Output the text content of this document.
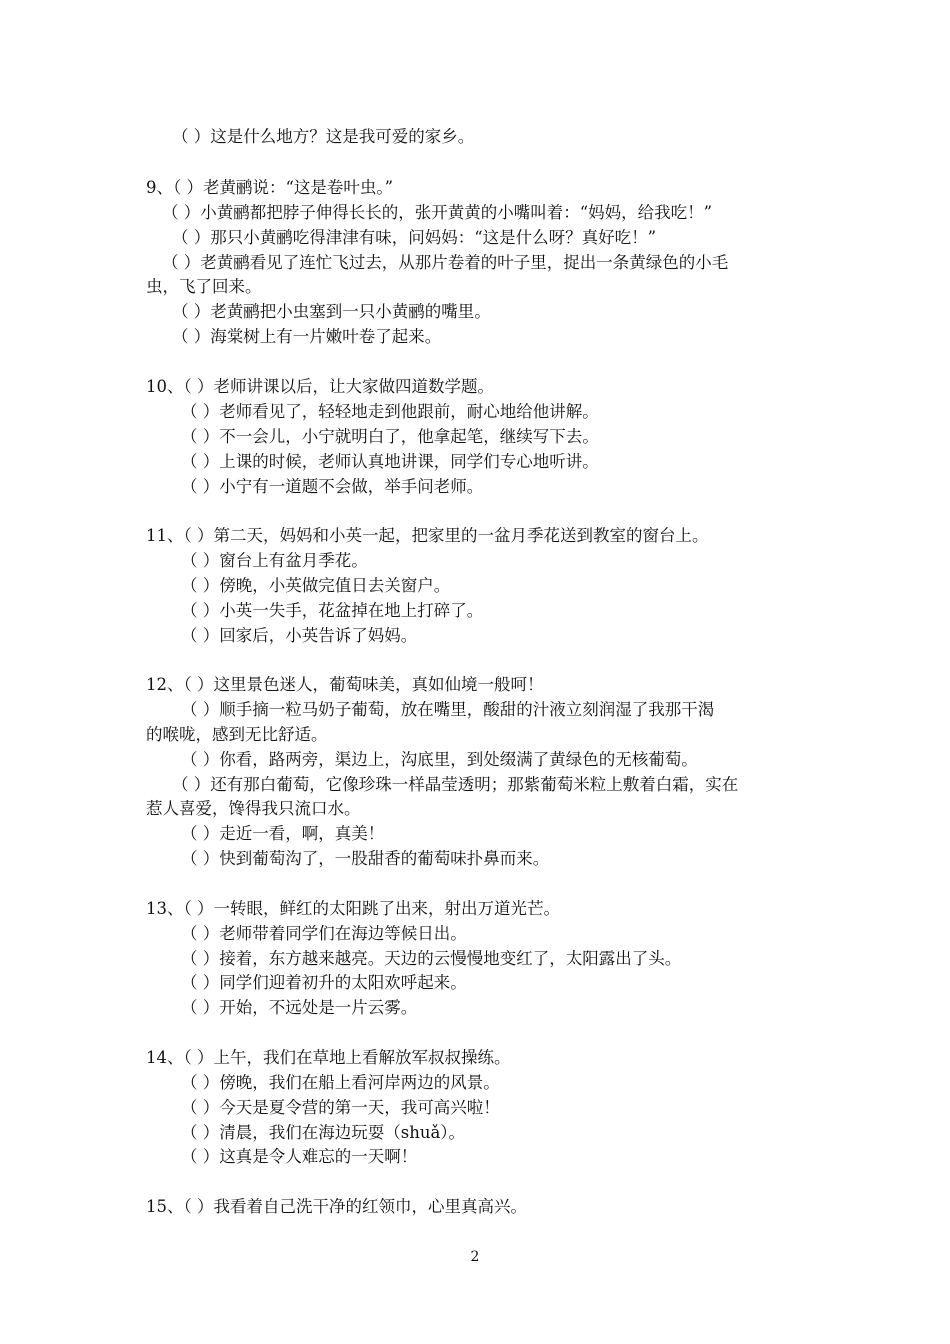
（ ）这是什么地方？这是我可爱的家乡。
9、（ ）老黄鹂说：“这是卷叶虫。”
（ ）小黄鹂都把脖子伸得长长的，张开黄黄的小嘴叫着：“妈妈，给我吃！”
（ ）那只小黄鹂吃得津津有味，问妈妈：“这是什么呀？真好吃！”
（ ）老黄鹂看见了连忙飞过去，从那片卷着的叶子里，捉出一条黄绿色的小毛
虫，飞了回来。
（ ）老黄鹂把小虫塞到一只小黄鹂的嘴里。
（ ）海棠树上有一片嫩叶卷了起来。
10、（ ）老师讲课以后，让大家做四道数学题。
（ ）老师看见了，轻轻地走到他跟前，耐心地给他讲解。
（ ）不一会儿，小宁就明白了，他拿起笔，继续写下去。
（ ）上课的时候，老师认真地讲课，同学们专心地听讲。
（ ）小宁有一道题不会做，举手问老师。
11、（ ）第二天，妈妈和小英一起，把家里的一盆月季花送到教室的窗台上。
（ ）窗台上有盆月季花。
（ ）傍晚，小英做完值日去关窗户。
（ ）小英一失手，花盆掉在地上打碎了。
（ ）回家后，小英告诉了妈妈。
12、（ ）这里景色迷人，葡萄味美，真如仙境一般呵！
（ ）顺手摘一粒马奶子葡萄，放在嘴里，酸甜的汁液立刻润湿了我那干渴
的喉咙，感到无比舒适。
（ ）你看，路两旁，渠边上，沟底里，到处缀满了黄绿色的无核葡萄。
（ ）还有那白葡萄，它像珍珠一样晶莹透明；那紫葡萄米粒上敷着白霜，实在
惹人喜爱，馋得我只流口水。
（ ）走近一看，啊，真美！
（ ）快到葡萄沟了，一股甜香的葡萄味扑鼻而来。
13、（ ）一转眼，鲜红的太阳跳了出来，射出万道光芒。
（ ）老师带着同学们在海边等候日出。
（ ）接着，东方越来越亮。天边的云慢慢地变红了，太阳露出了头。
（ ）同学们迎着初升的太阳欢呼起来。
（ ）开始，不远处是一片云雾。
14、（ ）上午，我们在草地上看解放军叔叔操练。
（ ）傍晚，我们在船上看河岸两边的风景。
（ ）今天是夏令营的第一天，我可高兴啦！
（ ）清晨，我们在海边玩耍（shuǎ）。
（ ）这真是令人难忘的一天啊！
15、（ ）我看着自己洗干净的红领巾，心里真高兴。
2
